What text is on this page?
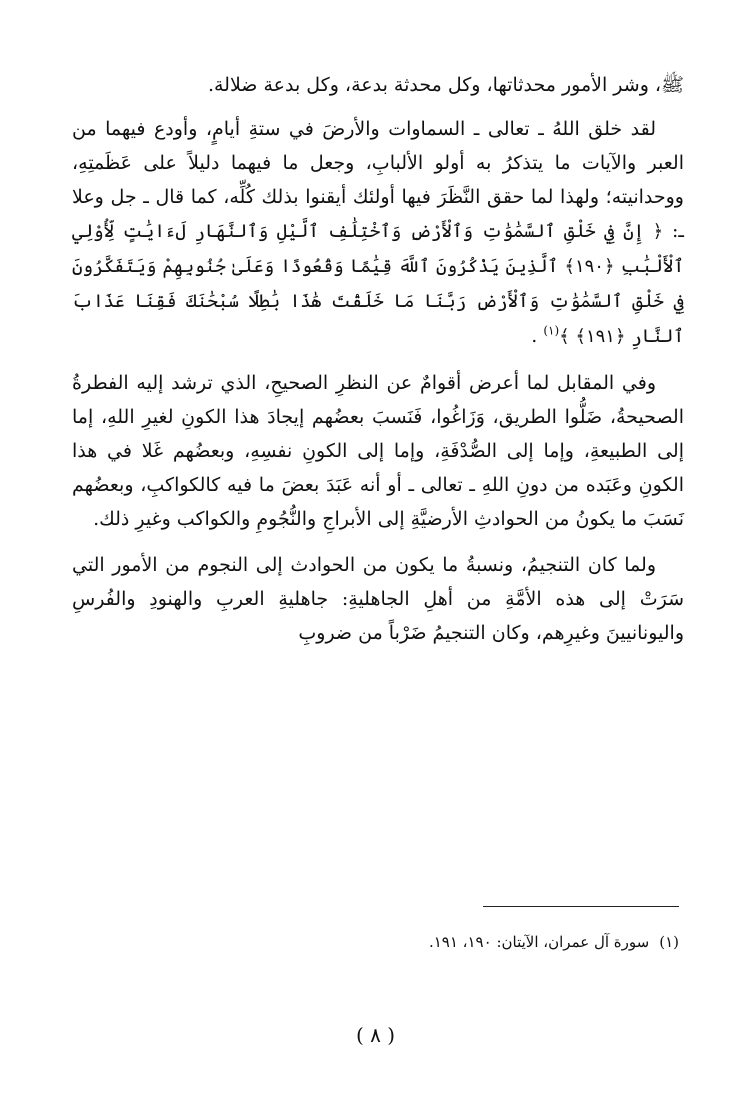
ﷺ، وشر الأمور محدثاتها، وكل محدثة بدعة، وكل بدعة ضلالة.

لقد خلق اللهُ ـ تعالى ـ السماوات والأرضَ في ستةِ أيامٍ، وأودع فيهما من العبر والآيات ما يتذكرُ به أولو الألبابِ، وجعل ما فيهما دليلاً على عَظَمتِهِ، ووحدانيته؛ ولهذا لما حقق النَّظَرَ فيها أولئك أيقنوا بذلك كُلِّه، كما قال ـ جل وعلا ـ: ﴿ إِنَّ فِي خَلْقِ ٱلسَّمَٰوَٰتِ وَٱلْأَرْضِ وَٱخْتِلَٰفِ ٱلَّيْلِ وَٱلنَّهَارِ لَءَايَٰتٍ لِّأُوْلِي ٱلْأَلْبَٰبِ ﴿١٩٠﴾ ٱلَّذِينَ يَذْكُرُونَ ٱللَّهَ قِيَٰمًا وَقُعُودًا وَعَلَىٰ جُنُوبِهِمْ وَيَتَفَكَّرُونَ فِي خَلْقِ ٱلسَّمَٰوَٰتِ وَٱلْأَرْضِ رَبَّنَا مَا خَلَقْتَ هَٰذَا بَٰطِلًا سُبْحَٰنَكَ فَقِنَا عَذَابَ ٱلنَّارِ ﴿١٩١﴾ ﴾$^{(١)}$ .

وفي المقابل لما أعرض أقوامٌ عن النظرِ الصحيحِ، الذي ترشد إليه الفطرةُ الصحيحةُ، ضَلُّوا الطريق، وَزَاغُوا، فَنَسبَ بعضُهم إيجادَ هذا الكونِ لغيرِ اللهِ، إما إلى الطبيعةِ، وإما إلى الصُّدْفَةِ، وإما إلى الكونِ نفسِهِ، وبعضُهم غَلا في هذا الكونِ وعَبَده من دونِ اللهِ ـ تعالى ـ أو أنه عَبَدَ بعضَ ما فيه كالكواكبِ، وبعضُهم نَسَبَ ما يكونُ من الحوادثِ الأرضيَّةِ إلى الأبراجِ والنُّجُومِ والكواكب وغيرِ ذلك.

ولما كان التنجيمُ، ونسبةُ ما يكون من الحوادث إلى النجوم من الأمور التي سَرَتْ إلى هذه الأمَّةِ من أهلِ الجاهليةِ: جاهليةِ العربِ والهنودِ والفُرسِ واليونانيينَ وغيرِهم، وكان التنجيمُ ضَرْباً من ضروبِ

(١)سورة آل عمران، الآيتان: ١٩٠، ١٩١.
( ٨ )
